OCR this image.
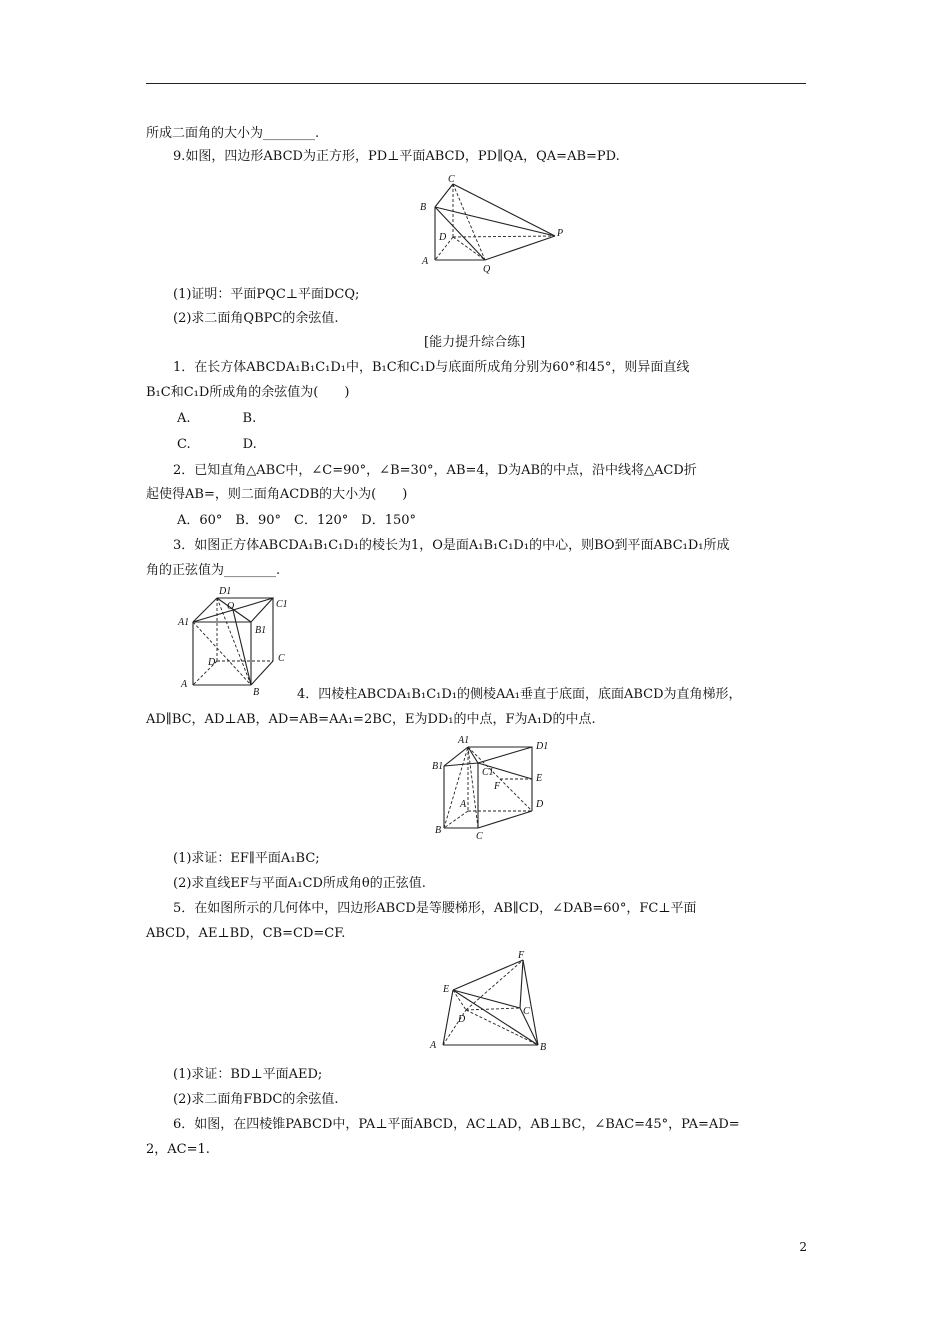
所成二面角的大小为________.
9.如图，四边形ABCD为正方形，PD⊥平面ABCD，PD∥QA，QA=AB=PD.
C
B
D	P
A
Q
(1)证明：平面PQC⊥平面DCQ;
(2)求二面角QBPC的余弦值.
[能力提升综合练]
1．在长方体ABCDA₁B₁C₁D₁中，B₁C和C₁D与底面所成角分别为60°和45°，则异面直线
B₁C和C₁D所成角的余弦值为(　　)
A.　　　　B.
C.　　　　D.
2．已知直角△ABC中，∠C=90°，∠B=30°，AB=4，D为AB的中点，沿中线将△ACD折
起使得AB=，则二面角ACDB的大小为(　　)
A．60°　B．90°　C．120°　D．150°
3．如图正方体ABCDA₁B₁C₁D₁的棱长为1，O是面A₁B₁C₁D₁的中心，则BO到平面ABC₁D₁所成
角的正弦值为________.
D1
O	C1
A1
B1
D	C
A
B	4．四棱柱ABCDA₁B₁C₁D₁的侧棱AA₁垂直于底面，底面ABCD为直角梯形，
AD∥BC，AD⊥AB，AD=AB=AA₁=2BC，E为DD₁的中点，F为A₁D的中点.
A1
D1
B1
C1
E
F
A	D
B
C
(1)求证：EF∥平面A₁BC;
(2)求直线EF与平面A₁CD所成角θ的正弦值.
5．在如图所示的几何体中，四边形ABCD是等腰梯形，AB∥CD，∠DAB=60°，FC⊥平面
ABCD，AE⊥BD，CB=CD=CF.
F
E
C
D
A	B
(1)求证：BD⊥平面AED;
(2)求二面角FBDC的余弦值.
6．如图，在四棱锥PABCD中，PA⊥平面ABCD，AC⊥AD，AB⊥BC，∠BAC=45°，PA=AD=
2，AC=1.
2
